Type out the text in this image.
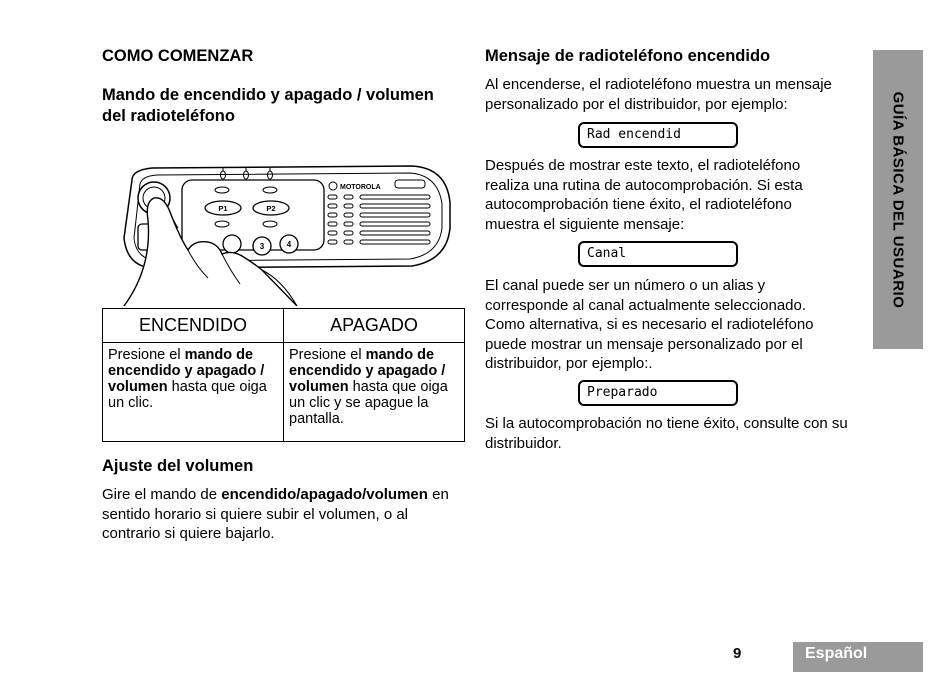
COMO COMENZAR
Mando de encendido y apagado / volumen
del radioteléfono
P1	P2
3	4
MOTOROLA
ENCENDIDO	APAGADO
Presione el mando de encendido y apagado / volumen hasta que oiga un clic.	Presione el mando de encendido y apagado / volumen hasta que oiga un clic y se apague la pantalla.
Ajuste del volumen
Gire el mando de encendido/apagado/volumen en sentido horario si quiere subir el volumen, o al contrario si quiere bajarlo.
Mensaje de radioteléfono encendido
Al encenderse, el radioteléfono muestra un mensaje personalizado por el distribuidor, por ejemplo:
Rad encendid
Después de mostrar este texto, el radioteléfono realiza una rutina de autocomprobación. Si esta autocomprobación tiene éxito, el radioteléfono muestra el siguiente mensaje:
Canal
El canal puede ser un número o un alias y corresponde al canal actualmente seleccionado. Como alternativa, si es necesario el radioteléfono puede mostrar un mensaje personalizado por el distribuidor, por ejemplo:.
Preparado
Si la autocomprobación no tiene éxito, consulte con su distribuidor.
GUÍA BÁSICA DEL USUARIO
9	Español
